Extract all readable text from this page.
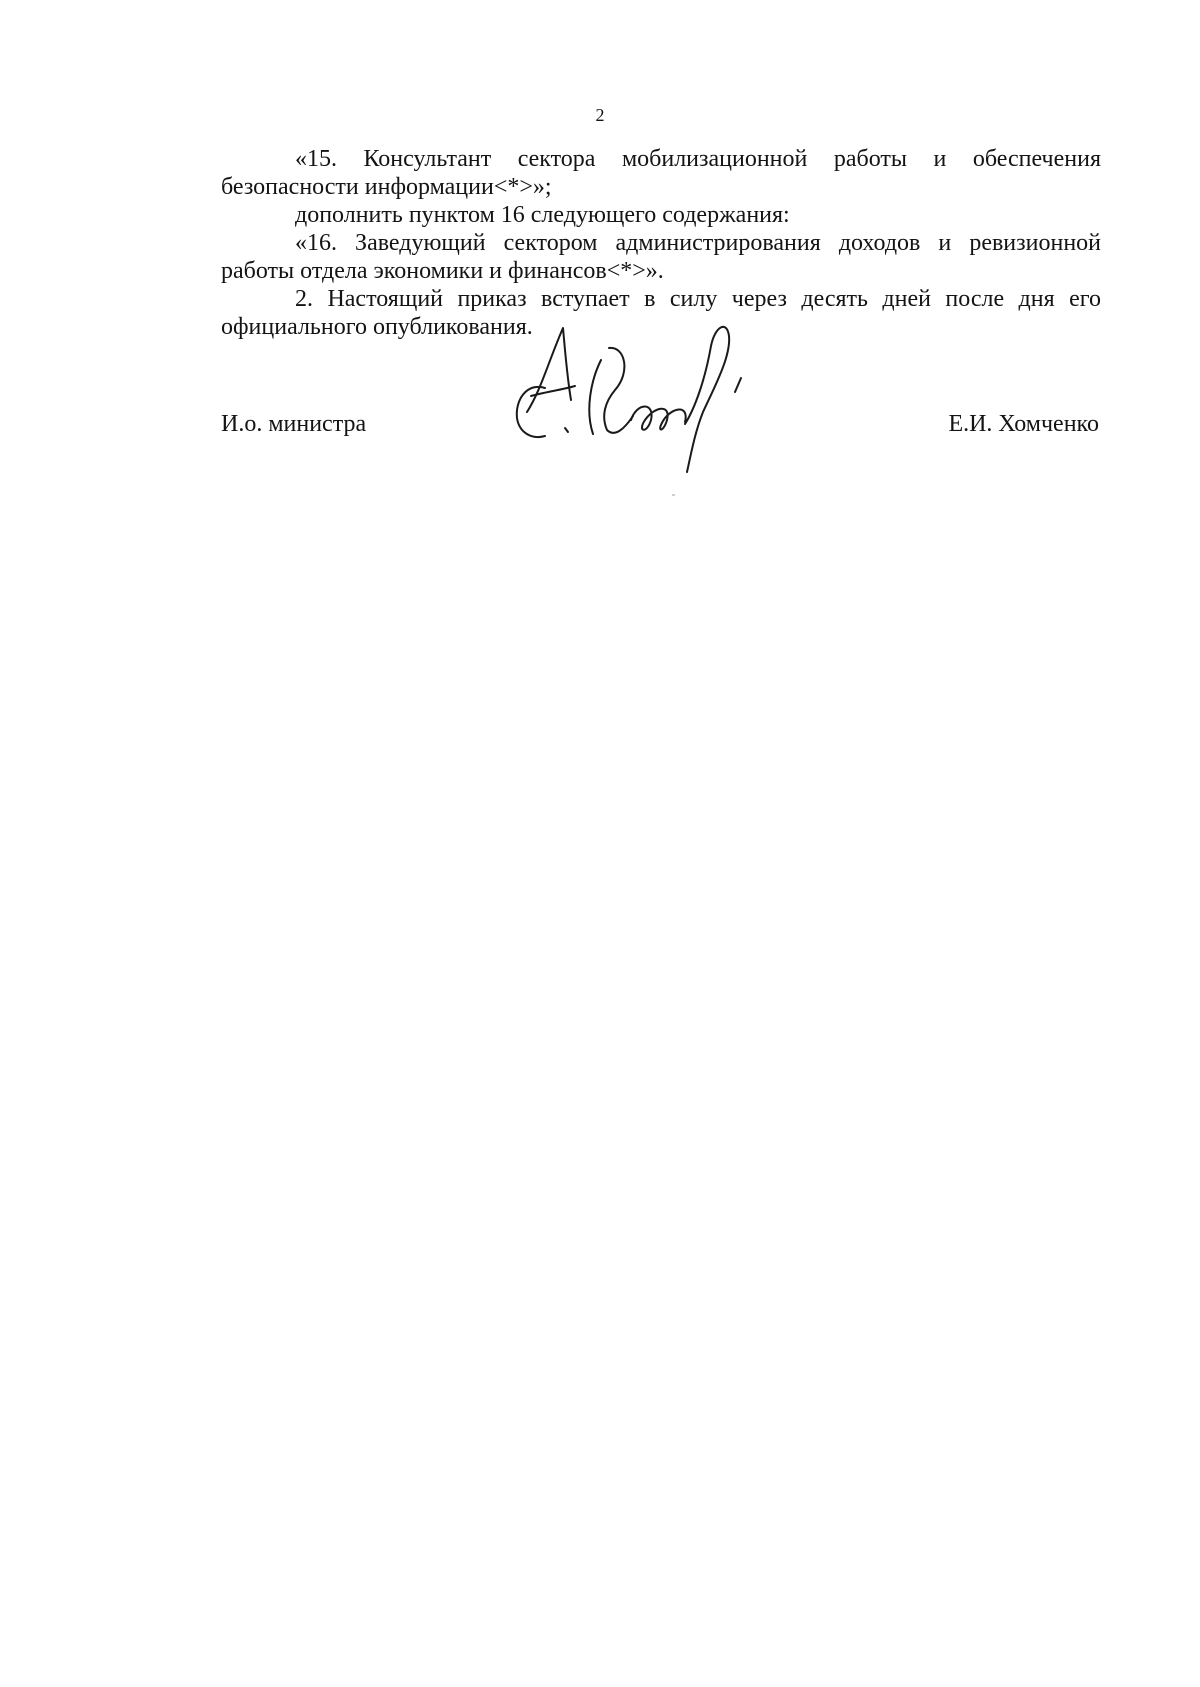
2

«15. Консультант сектора мобилизационной работы и обеспечения безопасности информации<*>»;

дополнить пунктом 16 следующего содержания:

«16. Заведующий сектором администрирования доходов и ревизионной работы отдела экономики и финансов<*>».

2. Настоящий приказ вступает в силу через десять дней после дня его официального опубликования.

И.о. министра	Е.И. Хомченко
